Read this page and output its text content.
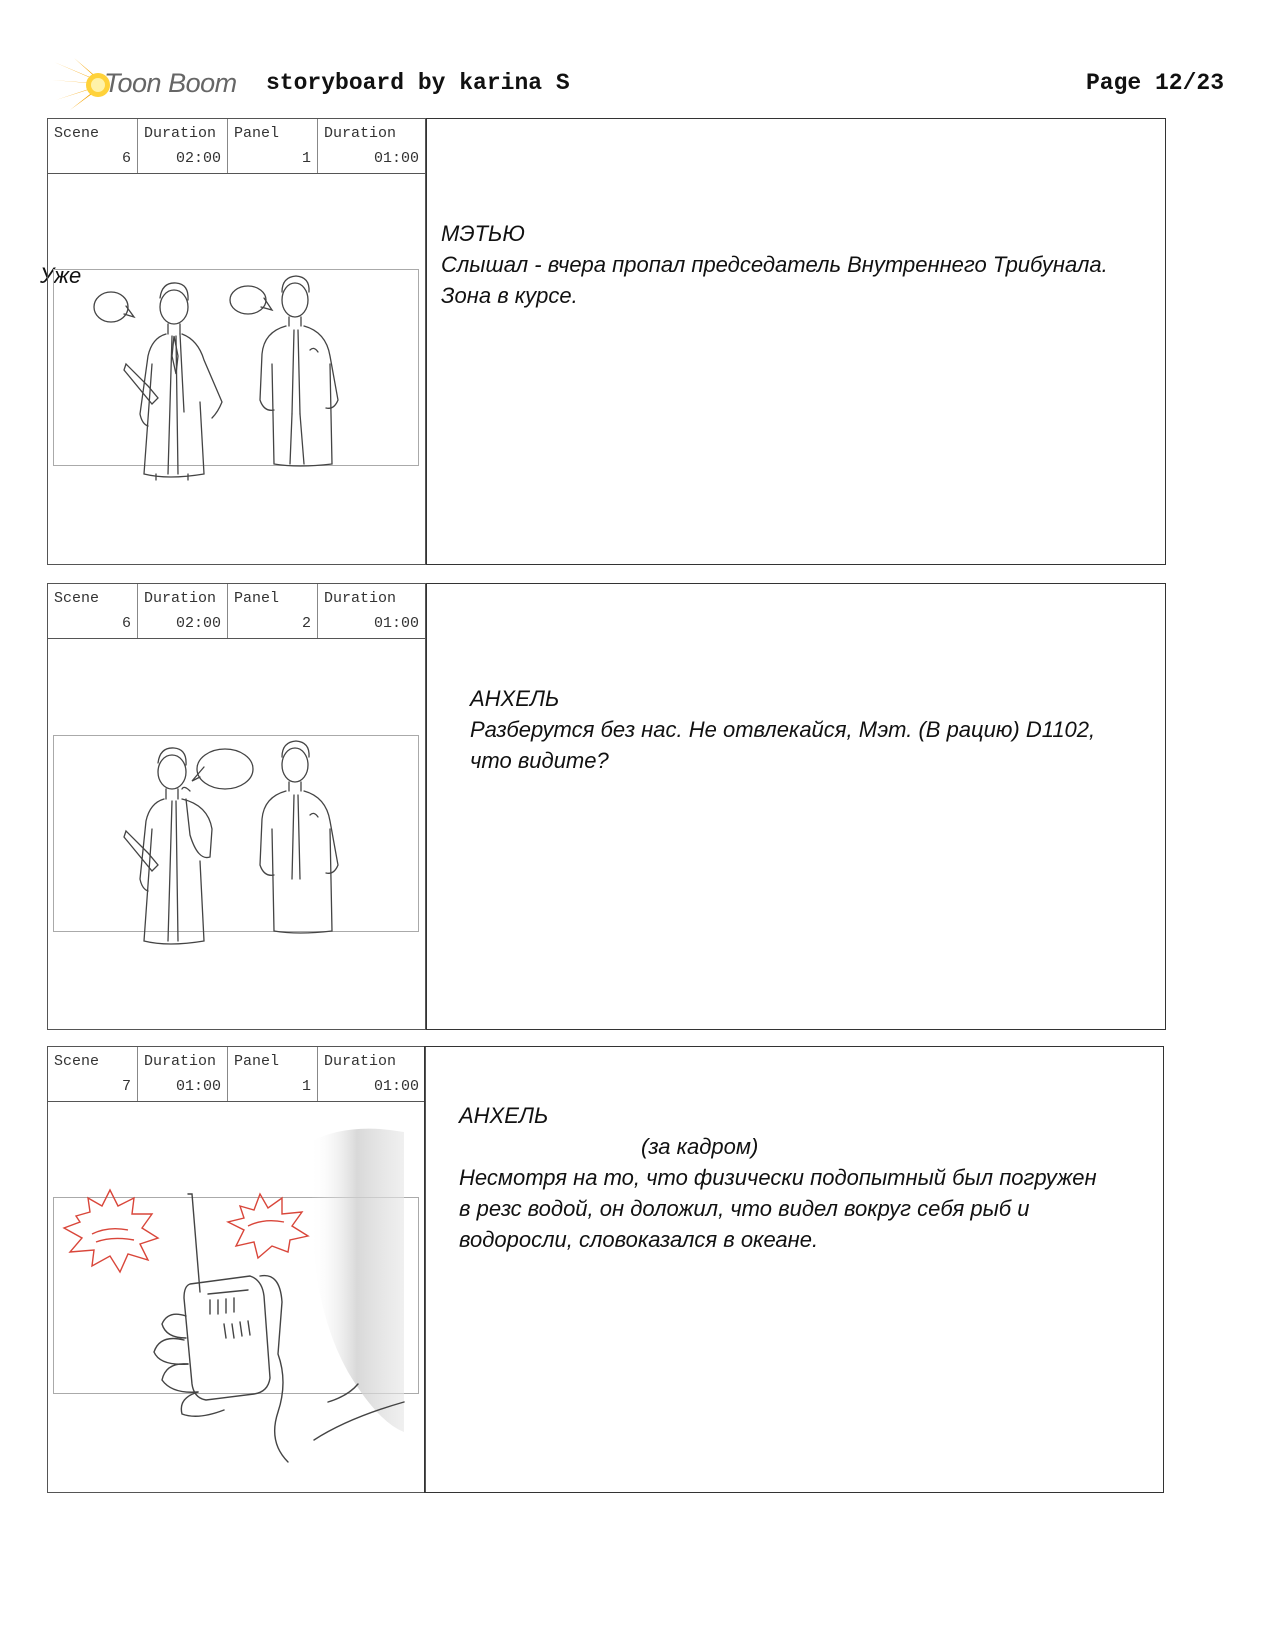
Toon Boom storyboard by karina S	Page 12/23
Уже
Scene
6
Duration
02:00
Panel
1
Duration
01:00
МЭТЬЮ
Слышал - вчера пропал председатель Внутреннего Трибунала.
Зона в курсе.
Scene
6
Duration
02:00
Panel
2
Duration
01:00
АНХЕЛЬ
Разберутся без нас. Не отвлекайся, Мэт. (В рацию) D1102,
что видите?
Scene
7
Duration
01:00
Panel
1
Duration
01:00
АНХЕЛЬ
(за кадром)
Несмотря на то, что физически подопытный был погружен
в резс водой, он доложил, что видел вокруг себя рыб и
водоросли, словоказался в океане.
